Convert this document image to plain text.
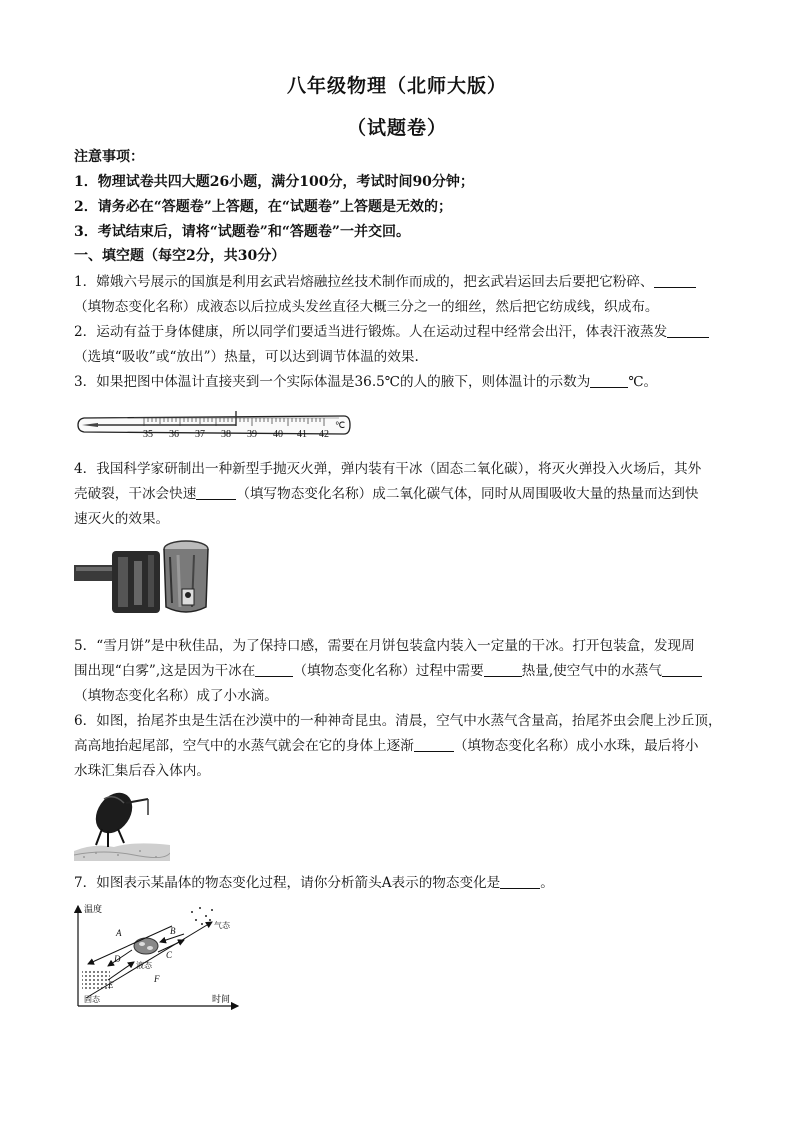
八年级物理（北师大版）
（试题卷）
注意事项：
1．物理试卷共四大题26小题，满分100分，考试时间90分钟；
2．请务必在“答题卷”上答题，在“试题卷”上答题是无效的；
3．考试结束后，请将“试题卷”和“答题卷”一并交回。
一、填空题（每空2分，共30分）
1．嫦娥六号展示的国旗是利用玄武岩熔融拉丝技术制作而成的，把玄武岩运回去后要把它粉碎、
（填物态变化名称）成液态以后拉成头发丝直径大概三分之一的细丝，然后把它纺成线，织成布。
2．运动有益于身体健康，所以同学们要适当进行锻炼。人在运动过程中经常会出汗，体表汗液蒸发
（选填“吸收”或“放出”）热量，可以达到调节体温的效果.
3．如果把图中体温计直接夹到一个实际体温是36.5℃的人的腋下，则体温计的示数为	℃。
35 36 37 38 39 40 41 42
℃
4．我国科学家研制出一种新型手抛灭火弹，弹内装有干冰（固态二氧化碳），将灭火弹投入火场后，其外
壳破裂，干冰会快速	（填写物态变化名称）成二氧化碳气体，同时从周围吸收大量的热量而达到快
速灭火的效果。
5．“雪月饼”是中秋佳品，为了保持口感，需要在月饼包装盒内装入一定量的干冰。打开包装盒，发现周
围出现“白雾”,这是因为干冰在	（填物态变化名称）过程中需要	热量,使空气中的水蒸气
（填物态变化名称）成了小水滴。
6．如图，抬尾芥虫是生活在沙漠中的一种神奇昆虫。清晨，空气中水蒸气含量高，抬尾芥虫会爬上沙丘顶，
高高地抬起尾部，空气中的水蒸气就会在它的身体上逐渐	（填物态变化名称）成小水珠，最后将小
水珠汇集后吞入体内。
7．如图表示某晶体的物态变化过程，请你分析箭头A表示的物态变化是	。
温度
时间
A	B
C
D
E
F
气态
液态
固态
